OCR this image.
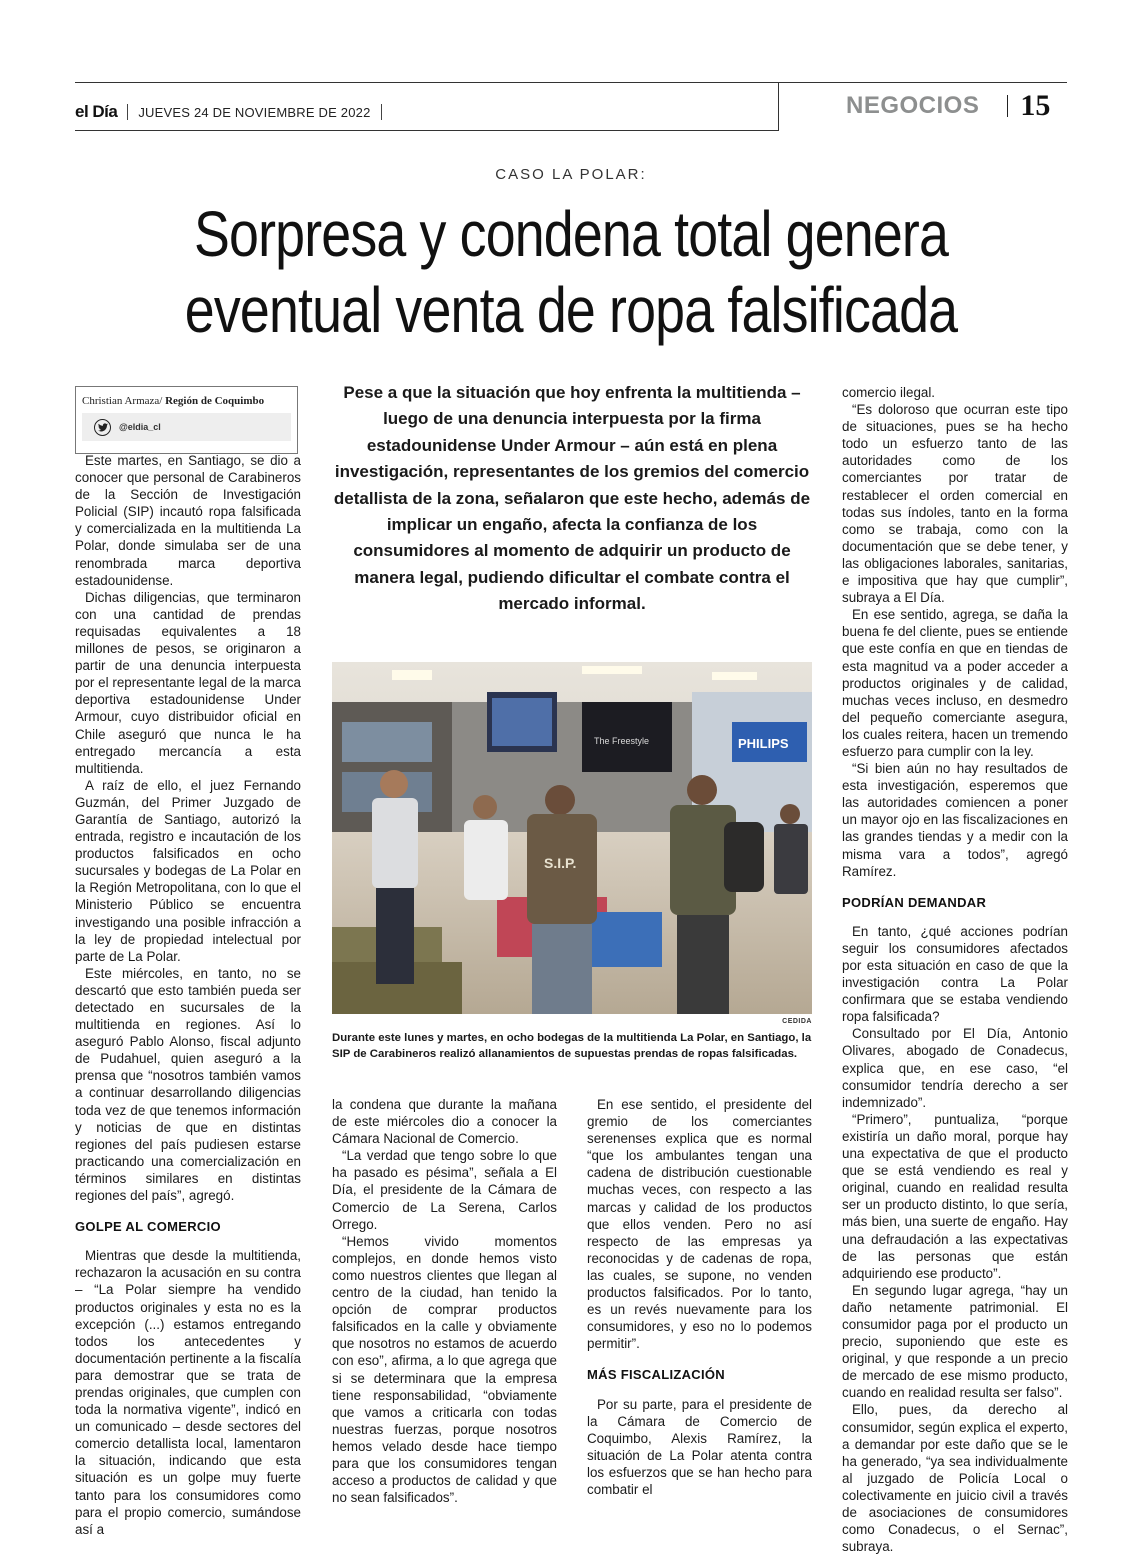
el Día JUEVES 24 DE NOVIEMBRE DE 2022	NEGOCIOS 15
CASO LA POLAR:
Sorpresa y condena total genera
eventual venta de ropa falsificada
Christian Armaza/ Región de Coquimbo
@eldia_cl

Este martes, en Santiago, se dio a conocer que personal de Carabineros de la Sección de Investigación Policial (SIP) incautó ropa falsificada y comercializada en la multitienda La Polar, donde simulaba ser de una renombrada marca deportiva estadounidense.

Dichas diligencias, que terminaron con una cantidad de prendas requisadas equivalentes a 18 millones de pesos, se originaron a partir de una denuncia interpuesta por el representante legal de la marca deportiva estadounidense Under Armour, cuyo distribuidor oficial en Chile aseguró que nunca le ha entregado mercancía a esta multitienda.

A raíz de ello, el juez Fernando Guzmán, del Primer Juzgado de Garantía de Santiago, autorizó la entrada, registro e incautación de los productos falsificados en ocho sucursales y bodegas de La Polar en la Región Metropolitana, con lo que el Ministerio Público se encuentra investigando una posible infracción a la ley de propiedad intelectual por parte de La Polar.

Este miércoles, en tanto, no se descartó que esto también pueda ser detectado en sucursales de la multitienda en regiones. Así lo aseguró Pablo Alonso, fiscal adjunto de Pudahuel, quien aseguró a la prensa que “nosotros también vamos a continuar desarrollando diligencias toda vez de que tenemos información y noticias de que en distintas regiones del país pudiesen estarse practicando una comercialización en términos similares en distintas regiones del país”, agregó.

GOLPE AL COMERCIO

Mientras que desde la multitienda, rechazaron la acusación en su contra – “La Polar siempre ha vendido productos originales y esta no es la excepción (...) estamos entregando todos los antecedentes y documentación pertinente a la fiscalía para demostrar que se trata de prendas originales, que cumplen con toda la normativa vigente”, indicó en un comunicado – desde sectores del comercio detallista local, lamentaron la situación, indicando que esta situación es un golpe muy fuerte tanto para los consumidores como para el propio comercio, sumándose así a

Pese a que la situación que hoy enfrenta la multitienda –luego de una denuncia interpuesta por la firma estadounidense Under Armour – aún está en plena investigación, representantes de los gremios del comercio detallista de la zona, señalaron que este hecho, además de implicar un engaño, afecta la confianza de los consumidores al momento de adquirir un producto de manera legal, pudiendo dificultar el combate contra el mercado informal.
The Freestyle	PHILIPS
S.I.P.
CEDIDA
Durante este lunes y martes, en ocho bodegas de la multitienda La Polar, en Santiago, la SIP de Carabineros realizó allanamientos de supuestas prendas de ropas falsificadas.

la condena que durante la mañana de este miércoles dio a conocer la Cámara Nacional de Comercio.

“La verdad que tengo sobre lo que ha pasado es pésima”, señala a El Día, el presidente de la Cámara de Comercio de La Serena, Carlos Orrego.

“Hemos vivido momentos complejos, en donde hemos visto como nuestros clientes que llegan al centro de la ciudad, han tenido la opción de comprar productos falsificados en la calle y obviamente que nosotros no estamos de acuerdo con eso”, afirma, a lo que agrega que si se determinara que la empresa tiene responsabilidad, “obviamente que vamos a criticarla con todas nuestras fuerzas, porque nosotros hemos velado desde hace tiempo para que los consumidores tengan acceso a productos de calidad y que no sean falsificados”.

En ese sentido, el presidente del gremio de los comerciantes serenenses explica que es normal “que los ambulantes tengan una cadena de distribución cuestionable muchas veces, con respecto a las marcas y calidad de los productos que ellos venden. Pero no así respecto de las empresas ya reconocidas y de cadenas de ropa, las cuales, se supone, no venden productos falsificados. Por lo tanto, es un revés nuevamente para los consumidores, y eso no lo podemos permitir”.

MÁS FISCALIZACIÓN

Por su parte, para el presidente de la Cámara de Comercio de Coquimbo, Alexis Ramírez, la situación de La Polar atenta contra los esfuerzos que se han hecho para combatir el

comercio ilegal.

“Es doloroso que ocurran este tipo de situaciones, pues se ha hecho todo un esfuerzo tanto de las autoridades como de los comerciantes por tratar de restablecer el orden comercial en todas sus índoles, tanto en la forma como se trabaja, como con la documentación que se debe tener, y las obligaciones laborales, sanitarias, e impositiva que hay que cumplir”, subraya a El Día.

En ese sentido, agrega, se daña la buena fe del cliente, pues se entiende que este confía en que en tiendas de esta magnitud va a poder acceder a productos originales y de calidad, muchas veces incluso, en desmedro del pequeño comerciante asegura, los cuales reitera, hacen un tremendo esfuerzo para cumplir con la ley.

“Si bien aún no hay resultados de esta investigación, esperemos que las autoridades comiencen a poner un mayor ojo en las fiscalizaciones en las grandes tiendas y a medir con la misma vara a todos”, agregó Ramírez.

PODRÍAN DEMANDAR

En tanto, ¿qué acciones podrían seguir los consumidores afectados por esta situación en caso de que la investigación contra La Polar confirmara que se estaba vendiendo ropa falsificada?

Consultado por El Día, Antonio Olivares, abogado de Conadecus, explica que, en ese caso, “el consumidor tendría derecho a ser indemnizado”.

“Primero”, puntualiza, “porque existiría un daño moral, porque hay una expectativa de que el producto que se está vendiendo es real y original, cuando en realidad resulta ser un producto distinto, lo que sería, más bien, una suerte de engaño. Hay una defraudación a las expectativas de las personas que están adquiriendo ese producto”.

En segundo lugar agrega, “hay un daño netamente patrimonial. El consumidor paga por el producto un precio, suponiendo que este es original, y que responde a un precio de mercado de ese mismo producto, cuando en realidad resulta ser falso”.

Ello, pues, da derecho al consumidor, según explica el experto, a demandar por este daño que se le ha generado, “ya sea individualmente al juzgado de Policía Local o colectivamente en juicio civil a través de asociaciones de consumidores como Conadecus, o el Sernac”, subraya.
